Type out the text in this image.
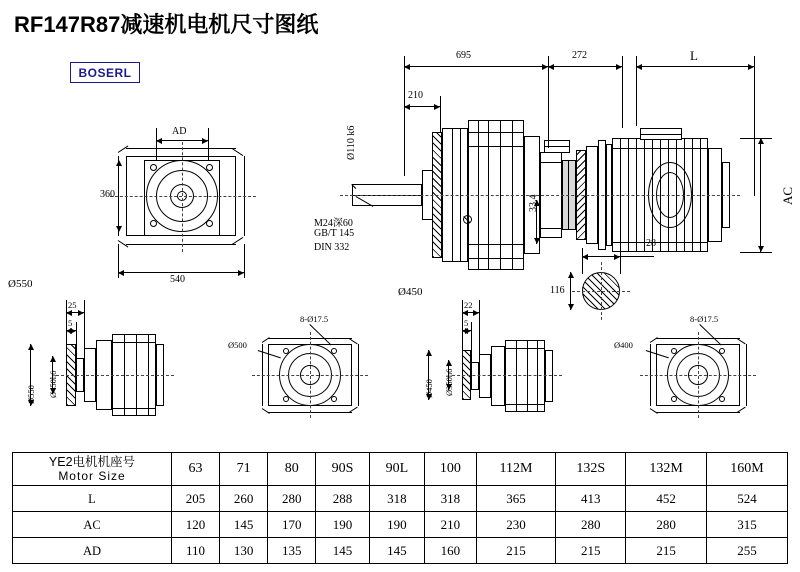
RF147R87减速机电机尺寸图纸
BOSERL
AD
360
540
695	272	L
210
Ø110 k6
M24深60
GB/T 145
DIN 332
33.4	AC
28
116
Ø550
Ø450
25
5
Ø550 Ø450h6
Ø500
8-Ø17.5
22
5
Ø450 Ø350h6
Ø400
8-Ø17.5
YE2电机机座号
Motor Size	63	71	80	90S	90L	100	112M	132S	132M	160M
L	205	260	280	288	318	318	365	413	452	524
AC	120	145	170	190	190	210	230	280	280	315
AD	110	130	135	145	145	160	215	215	215	255
